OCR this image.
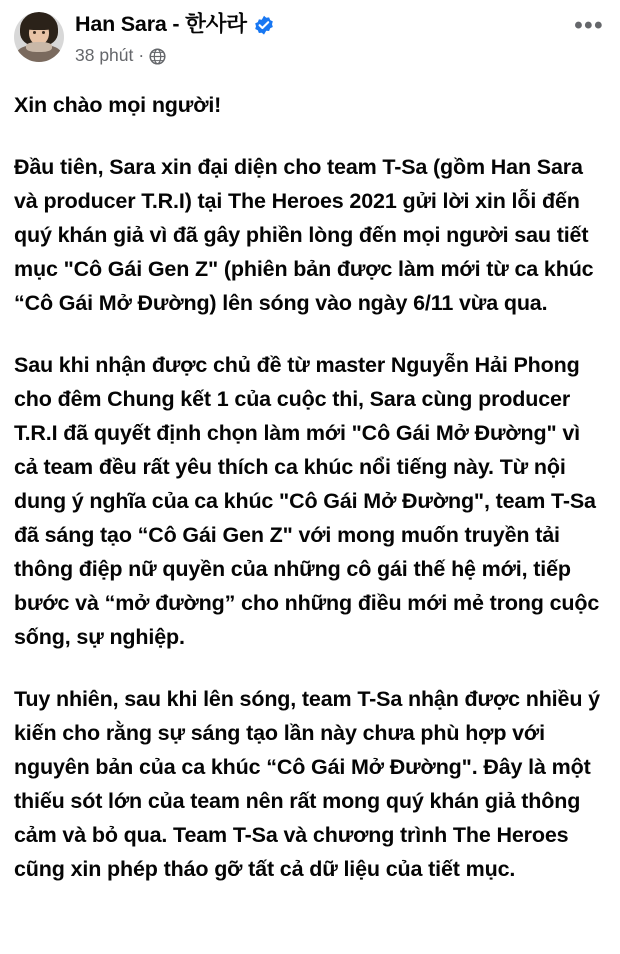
Han Sara - 한사라
38 phút ·
•••

Xin chào mọi người!

Đầu tiên, Sara xin đại diện cho team T-Sa (gồm Han Sara và producer T.R.I) tại The Heroes 2021 gửi lời xin lỗi đến quý khán giả vì đã gây phiền lòng đến mọi người sau tiết mục "Cô Gái Gen Z" (phiên bản được làm mới từ ca khúc “Cô Gái Mở Đường) lên sóng vào ngày 6/11 vừa qua.

Sau khi nhận được chủ đề từ master Nguyễn Hải Phong cho đêm Chung kết 1 của cuộc thi, Sara cùng producer T.R.I đã quyết định chọn làm mới "Cô Gái Mở Đường" vì cả team đều rất yêu thích ca khúc nổi tiếng này. Từ nội dung ý nghĩa của ca khúc "Cô Gái Mở Đường", team T-Sa đã sáng tạo “Cô Gái Gen Z" với mong muốn truyền tải thông điệp nữ quyền của những cô gái thế hệ mới, tiếp bước và “mở đường” cho những điều mới mẻ trong cuộc sống, sự nghiệp.

Tuy nhiên, sau khi lên sóng, team T-Sa nhận được nhiều ý kiến cho rằng sự sáng tạo lần này chưa phù hợp với nguyên bản của ca khúc “Cô Gái Mở Đường". Đây là một thiếu sót lớn của team nên rất mong quý khán giả thông cảm và bỏ qua. Team T-Sa và chương trình The Heroes cũng xin phép tháo gỡ tất cả dữ liệu của tiết mục.
